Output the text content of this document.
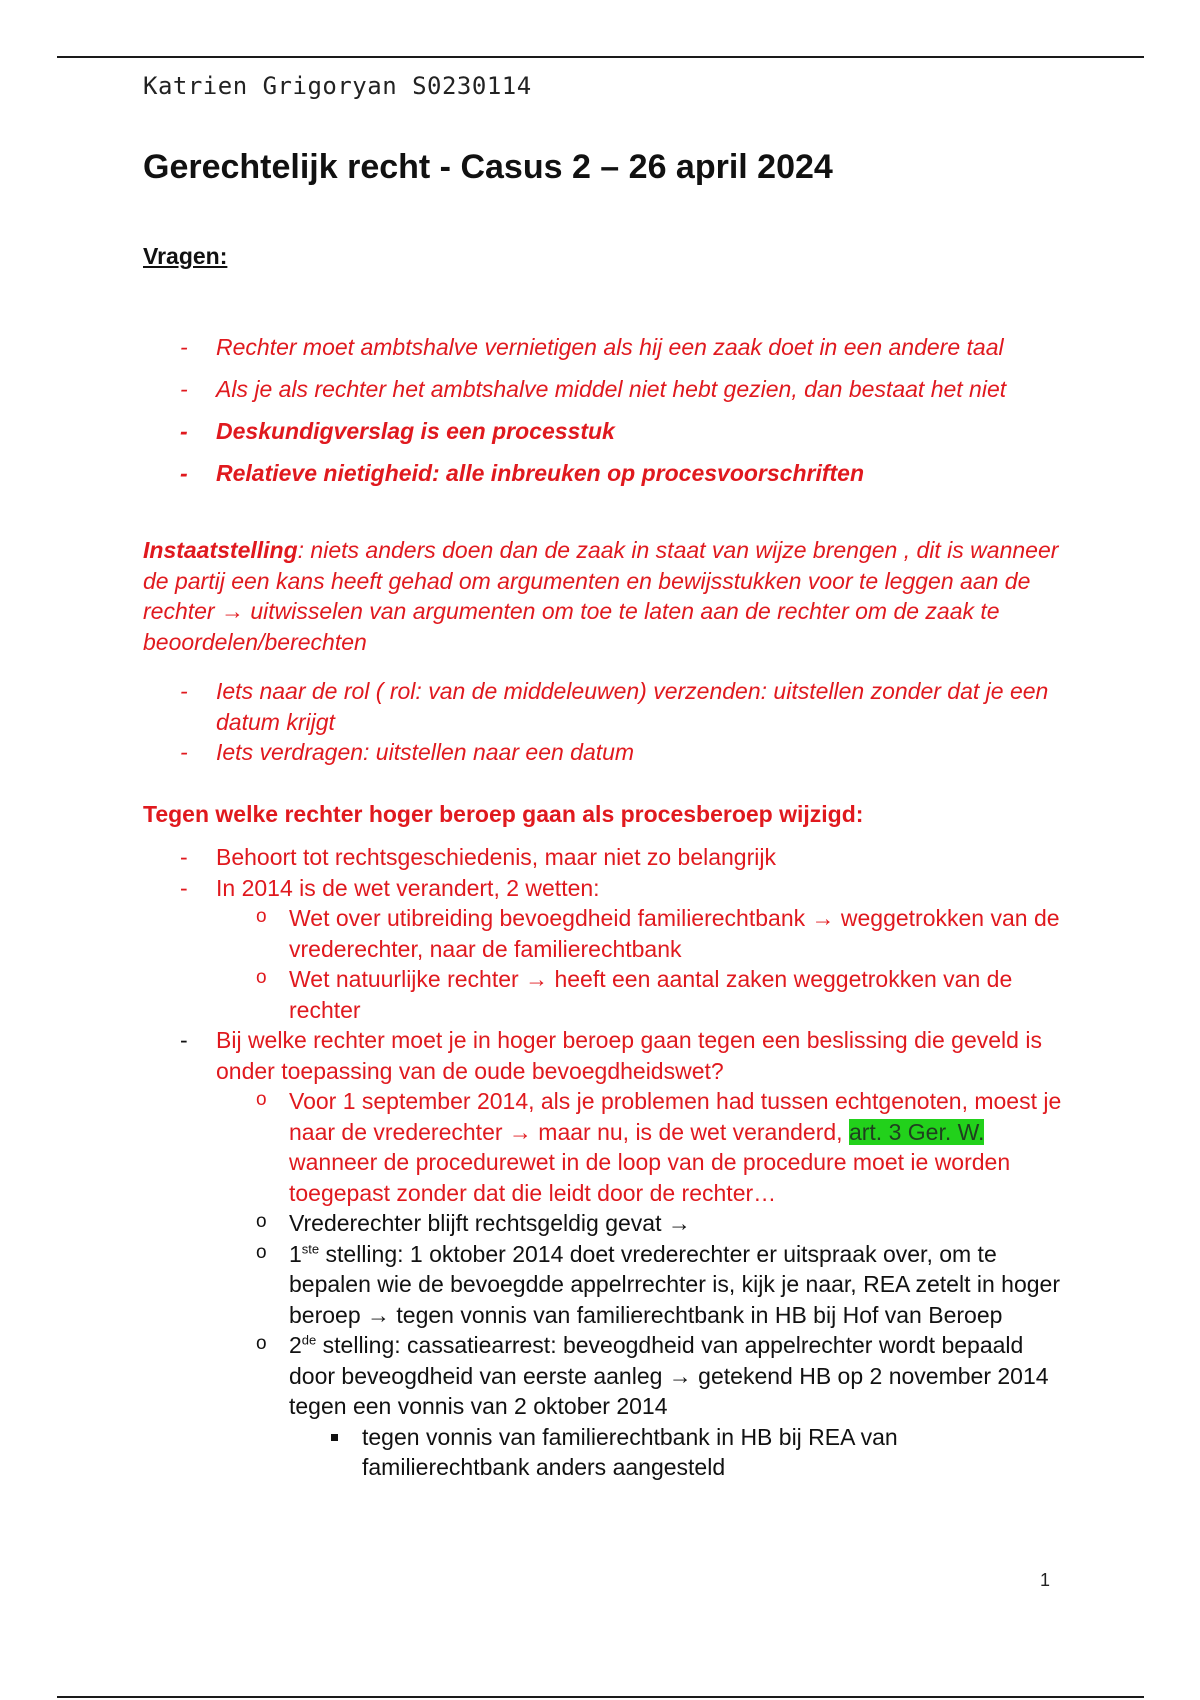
Katrien Grigoryan S0230114
Gerechtelijk recht - Casus 2 – 26 april 2024
Vragen:
- Rechter moet ambtshalve vernietigen als hij een zaak doet in een andere taal
- Als je als rechter het ambtshalve middel niet hebt gezien, dan bestaat het niet
- Deskundigverslag is een processtuk
- Relatieve nietigheid: alle inbreuken op procesvoorschriften
Instaatstelling: niets anders doen dan de zaak in staat van wijze brengen , dit is wanneer de partij een kans heeft gehad om argumenten en bewijsstukken voor te leggen aan de rechter → uitwisselen van argumenten om toe te laten aan de rechter om de zaak te beoordelen/berechten
- Iets naar de rol ( rol: van de middeleuwen) verzenden: uitstellen zonder dat je een datum krijgt
- Iets verdragen: uitstellen naar een datum
Tegen welke rechter hoger beroep gaan als procesberoep wijzigd:
- Behoort tot rechtsgeschiedenis, maar niet zo belangrijk
- In 2014 is de wet verandert, 2 wetten:
o Wet over utibreiding bevoegdheid familierechtbank → weggetrokken van de vrederechter, naar de familierechtbank
o Wet natuurlijke rechter → heeft een aantal zaken weggetrokken van de rechter
- Bij welke rechter moet je in hoger beroep gaan tegen een beslissing die geveld is onder toepassing van de oude bevoegdheidswet?
o Voor 1 september 2014, als je problemen had tussen echtgenoten, moest je naar de vrederechter → maar nu, is de wet veranderd, art. 3 Ger. W. wanneer de procedurewet in de loop van de procedure moet ie worden toegepast zonder dat die leidt door de rechter…
o Vrederechter blijft rechtsgeldig gevat →
o 1ste stelling: 1 oktober 2014 doet vrederechter er uitspraak over, om te bepalen wie de bevoegdde appelrrechter is, kijk je naar, REA zetelt in hoger beroep → tegen vonnis van familierechtbank in HB bij Hof van Beroep
o 2de stelling: cassatiearrest: beveogdheid van appelrechter wordt bepaald door beveogdheid van eerste aanleg → getekend HB op 2 november 2014 tegen een vonnis van 2 oktober 2014
tegen vonnis van familierechtbank in HB bij REA van familierechtbank anders aangesteld
1
